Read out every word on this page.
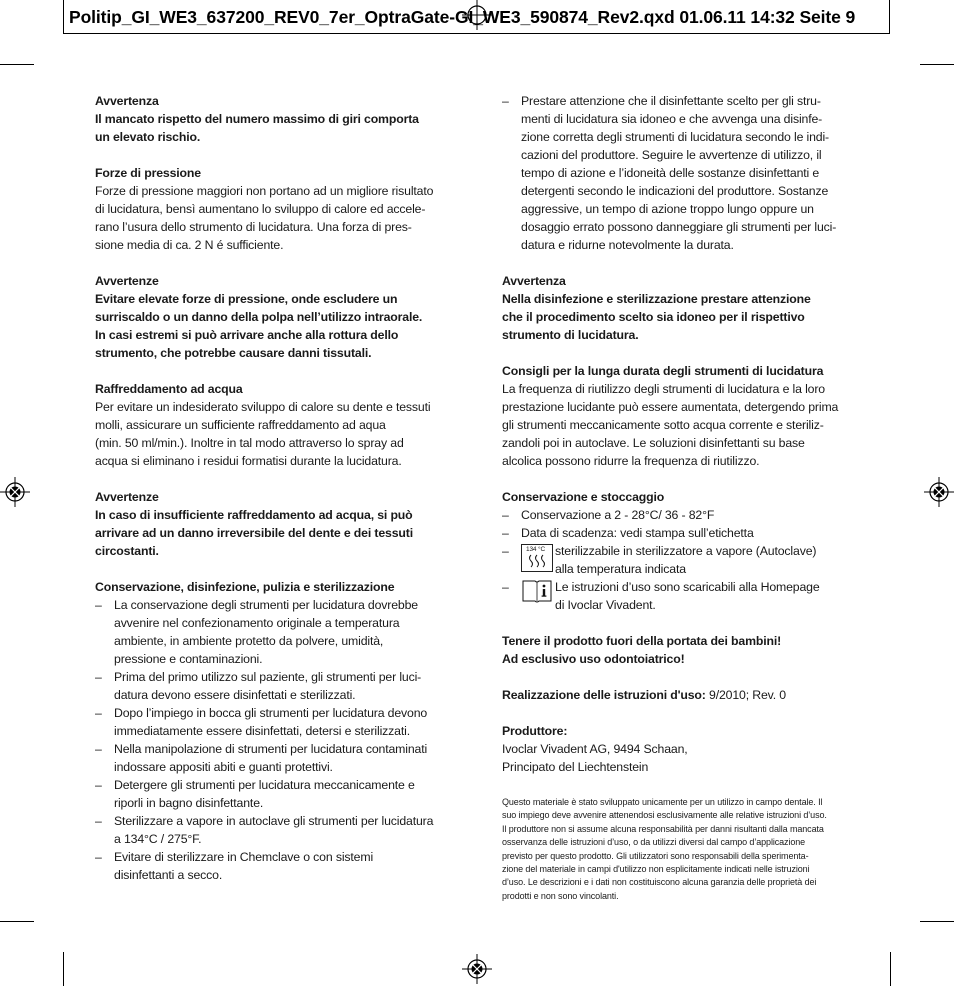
Politip_GI_WE3_637200_REV0_7er_OptraGate-GI_WE3_590874_Rev2.qxd 01.06.11 14:32 Seite 9

Avvertenza

Il mancato rispetto del numero massimo di giri comporta
un elevato rischio.

Forze di pressione

Forze di pressione maggiori non portano ad un migliore risultato
di lucidatura, bensì aumentano lo sviluppo di calore ed accele-
rano l’usura dello strumento di lucidatura. Una forza di pres-
sione media di ca. 2 N é sufficiente.

Avvertenze

Evitare elevate forze di pressione, onde escludere un
surriscaldo o un danno della polpa nell’utilizzo intraorale.
In casi estremi si può arrivare anche alla rottura dello
strumento, che potrebbe causare danni tissutali.

Raffreddamento ad acqua

Per evitare un indesiderato sviluppo di calore su dente e tessuti
molli, assicurare un sufficiente raffreddamento ad aqua
(min. 50 ml/min.). Inoltre in tal modo attraverso lo spray ad
acqua si eliminano i residui formatisi durante la lucidatura.

Avvertenze

In caso di insufficiente raffreddamento ad acqua, si può
arrivare ad un danno irreversibile del dente e dei tessuti
circostanti.

Conservazione, disinfezione, pulizia e sterilizzazione

– La conservazione degli strumenti per lucidatura dovrebbe
avvenire nel confezionamento originale a temperatura
ambiente, in ambiente protetto da polvere, umidità,
pressione e contaminazioni.
– Prima del primo utilizzo sul paziente, gli strumenti per luci-
datura devono essere disinfettati e sterilizzati.
– Dopo l’impiego in bocca gli strumenti per lucidatura devono
immediatamente essere disinfettati, detersi e sterilizzati.
– Nella manipolazione di strumenti per lucidatura contaminati
indossare appositi abiti e guanti protettivi.
– Detergere gli strumenti per lucidatura meccanicamente e
riporli in bagno disinfettante.
– Sterilizzare a vapore in autoclave gli strumenti per lucidatura
a 134°C / 275°F.
– Evitare di sterilizzare in Chemclave o con sistemi
disinfettanti a secco.
– Prestare attenzione che il disinfettante scelto per gli stru-
menti di lucidatura sia idoneo e che avvenga una disinfe-
zione corretta degli strumenti di lucidatura secondo le indi-
cazioni del produttore. Seguire le avvertenze di utilizzo, il
tempo di azione e l’idoneità delle sostanze disinfettanti e
detergenti secondo le indicazioni del produttore. Sostanze
aggressive, un tempo di azione troppo lungo oppure un
dosaggio errato possono danneggiare gli strumenti per luci-
datura e ridurne notevolmente la durata.

Avvertenza

Nella disinfezione e sterilizzazione prestare attenzione
che il procedimento scelto sia idoneo per il rispettivo
strumento di lucidatura.

Consigli per la lunga durata degli strumenti di lucidatura

La frequenza di riutilizzo degli strumenti di lucidatura e la loro
prestazione lucidante può essere aumentata, detergendo prima
gli strumenti meccanicamente sotto acqua corrente e steriliz-
zandoli poi in autoclave. Le soluzioni disinfettanti su base
alcolica possono ridurre la frequenza di riutilizzo.

Conservazione e stoccaggio

– Conservazione a 2 - 28°C/ 36 - 82°F
– Data di scadenza: vedi stampa sull’etichetta
–	134 °C sterilizzabile in sterilizzatore a vapore (Autoclave)
alla temperatura indicata
–	Le istruzioni d’uso sono scaricabili alla Homepage
di Ivoclar Vivadent.

Tenere il prodotto fuori della portata dei bambini!
Ad esclusivo uso odontoiatrico!

Realizzazione delle istruzioni d'uso: 9/2010; Rev. 0

Produttore:

Ivoclar Vivadent AG, 9494 Schaan,
Principato del Liechtenstein

Questo materiale è stato sviluppato unicamente per un utilizzo in campo dentale. Il
suo impiego deve avvenire attenendosi esclusivamente alle relative istruzioni d’uso.
Il produttore non si assume alcuna responsabilità per danni risultanti dalla mancata
osservanza delle istruzioni d’uso, o da utilizzi diversi dal campo d’applicazione
previsto per questo prodotto. Gli utilizzatori sono responsabili della sperimenta-
zione del materiale in campi d'utilizzo non esplicitamente indicati nelle istruzioni
d’uso. Le descrizioni e i dati non costituiscono alcuna garanzia delle proprietà dei
prodotti e non sono vincolanti.
